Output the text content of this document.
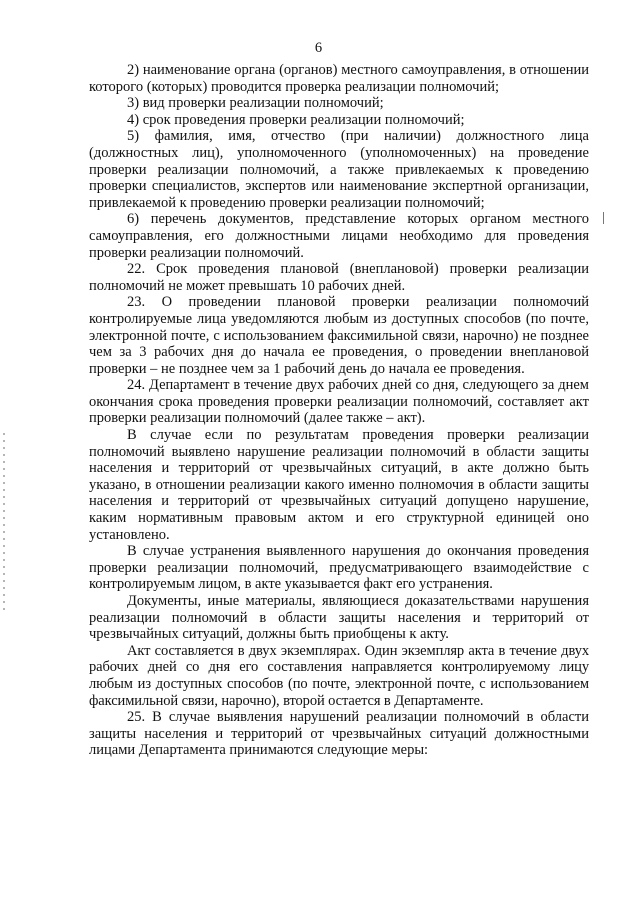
6

2) наименование органа (органов) местного самоуправления, в отношении которого (которых) проводится проверка реализации полномочий;

3) вид проверки реализации полномочий;

4) срок проведения проверки реализации полномочий;

5) фамилия, имя, отчество (при наличии) должностного лица (должностных лиц), уполномоченного (уполномоченных) на проведение проверки реализации полномочий, а также привлекаемых к проведению проверки специалистов, экспертов или наименование экспертной организации, привлекаемой к проведению проверки реализации полномочий;

6) перечень документов, представление которых органом местного самоуправления, его должностными лицами необходимо для проведения проверки реализации полномочий.

22. Срок проведения плановой (внеплановой) проверки реализации полномочий не может превышать 10 рабочих дней.

23. О проведении плановой проверки реализации полномочий контролируемые лица уведомляются любым из доступных способов (по почте, электронной почте, с использованием факсимильной связи, нарочно) не позднее чем за 3 рабочих дня до начала ее проведения, о проведении внеплановой проверки – не позднее чем за 1 рабочий день до начала ее проведения.

24. Департамент в течение двух рабочих дней со дня, следующего за днем окончания срока проведения проверки реализации полномочий, составляет акт проверки реализации полномочий (далее также – акт).

В случае если по результатам проведения проверки реализации полномочий выявлено нарушение реализации полномочий в области защиты населения и территорий от чрезвычайных ситуаций, в акте должно быть указано, в отношении реализации какого именно полномочия в области защиты населения и территорий от чрезвычайных ситуаций допущено нарушение, каким нормативным правовым актом и его структурной единицей оно установлено.

В случае устранения выявленного нарушения до окончания проведения проверки реализации полномочий, предусматривающего взаимодействие с контролируемым лицом, в акте указывается факт его устранения.

Документы, иные материалы, являющиеся доказательствами нарушения реализации полномочий в области защиты населения и территорий от чрезвычайных ситуаций, должны быть приобщены к акту.

Акт составляется в двух экземплярах. Один экземпляр акта в течение двух рабочих дней со дня его составления направляется контролируемому лицу любым из доступных способов (по почте, электронной почте, с использованием факсимильной связи, нарочно), второй остается в Департаменте.

25. В случае выявления нарушений реализации полномочий в области защиты населения и территорий от чрезвычайных ситуаций должностными лицами Департамента принимаются следующие меры:
